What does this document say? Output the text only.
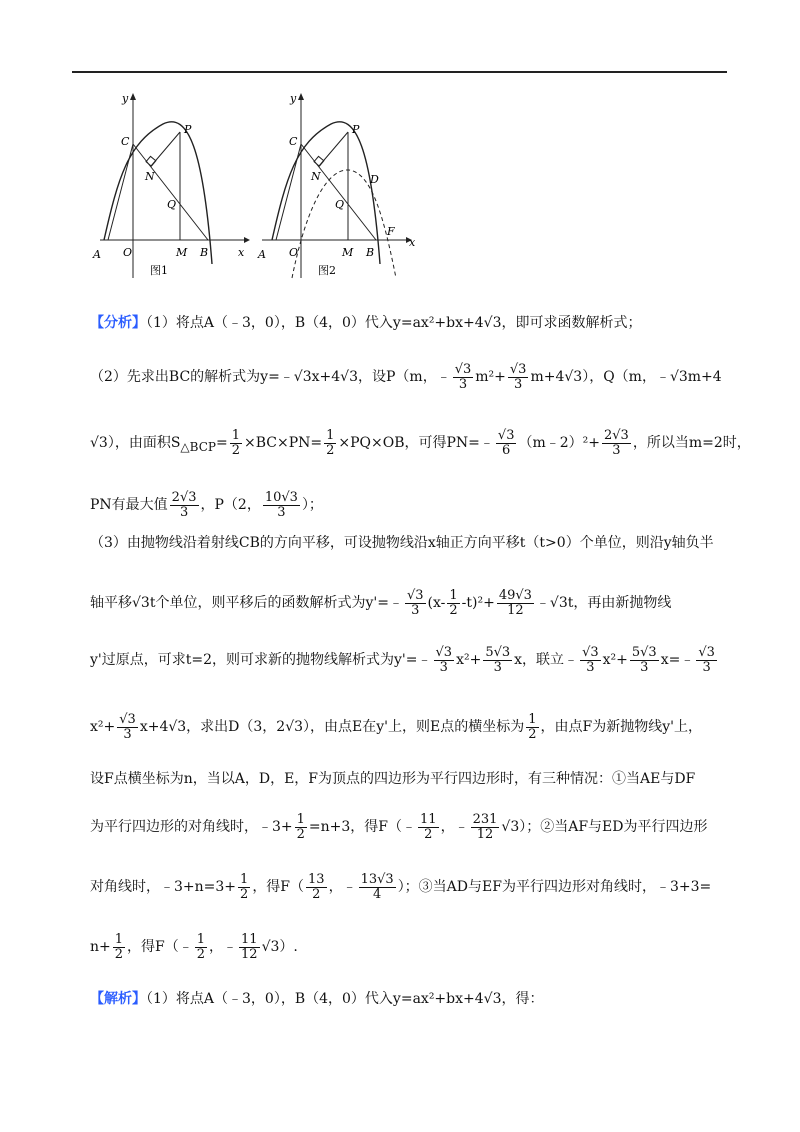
y
C
P
N
Q
A O	M B	x
图1
y
C
P
N	D
Q
F
A O	M B
x
图2
【分析】（1）将点A（﹣3，0），B（4，0）代入y=ax²+bx+4√3，即可求函数解析式；
（2）先求出BC的解析式为y=﹣√3x+4√3，设P（m，﹣ $\frac{√3}{3} m^2+ \frac{√3}{3} m+4√3$），Q（m，﹣√3m+4
√3），由面积$S_{\triangle BCP}= \frac{1}{2} \times BC\times PN= \frac{1}{2} \times PQ\times OB$，可得PN=﹣ $\frac{√3}{6}$ （m﹣2）²+ $\frac{2√3}{3}$ ，所以当m=2时，
PN有最大值 $\frac{2√3}{3}$ ，P（2， $\frac{10√3}{3}$ ）；
（3）由抛物线沿着射线CB的方向平移，可设抛物线沿x轴正方向平移t（t>0）个单位，则沿y轴负半
轴平移√3t个单位，则平移后的函数解析式为y'=﹣ $\frac{√3}{3} (x- \frac{1}{2} -t)^2+ \frac{49√3}{12}$ ﹣√3t，再由新抛物线
y'过原点，可求t=2，则可求新的抛物线解析式为y'=﹣ $\frac{√3}{3} x^2+ \frac{5√3}{3}$ x，联立﹣ $\frac{√3}{3} x^2+ \frac{5√3}{3}$ x=﹣ $\frac{√3}{3}$
$x^2+ \frac{√3}{3} x+4√3$，求出D（3，2√3），由点E在y'上，则E点的横坐标为 $\frac{1}{2}$ ，由点F为新抛物线y'上，
设F点横坐标为n，当以A，D，E，F为顶点的四边形为平行四边形时，有三种情况：①当AE与DF
为平行四边形的对角线时，﹣3+ $\frac{1}{2} =n+3$，得F（﹣ $\frac{11}{2}$ ，﹣ $\frac{231}{12} √3$）；②当AF与ED为平行四边形
对角线时，﹣3+n=3+ $\frac{1}{2}$ ，得$F( \frac{13}{2}$ ，﹣ $\frac{13√3}{4}$ ）；③当AD与EF为平行四边形对角线时，﹣3+3=
$n+ \frac{1}{2}$ ，得F（﹣ $\frac{1}{2}$ ，﹣ $\frac{11}{12} √3$）.
【解析】（1）将点A（﹣3，0），B（4，0）代入y=ax²+bx+4√3，得：
